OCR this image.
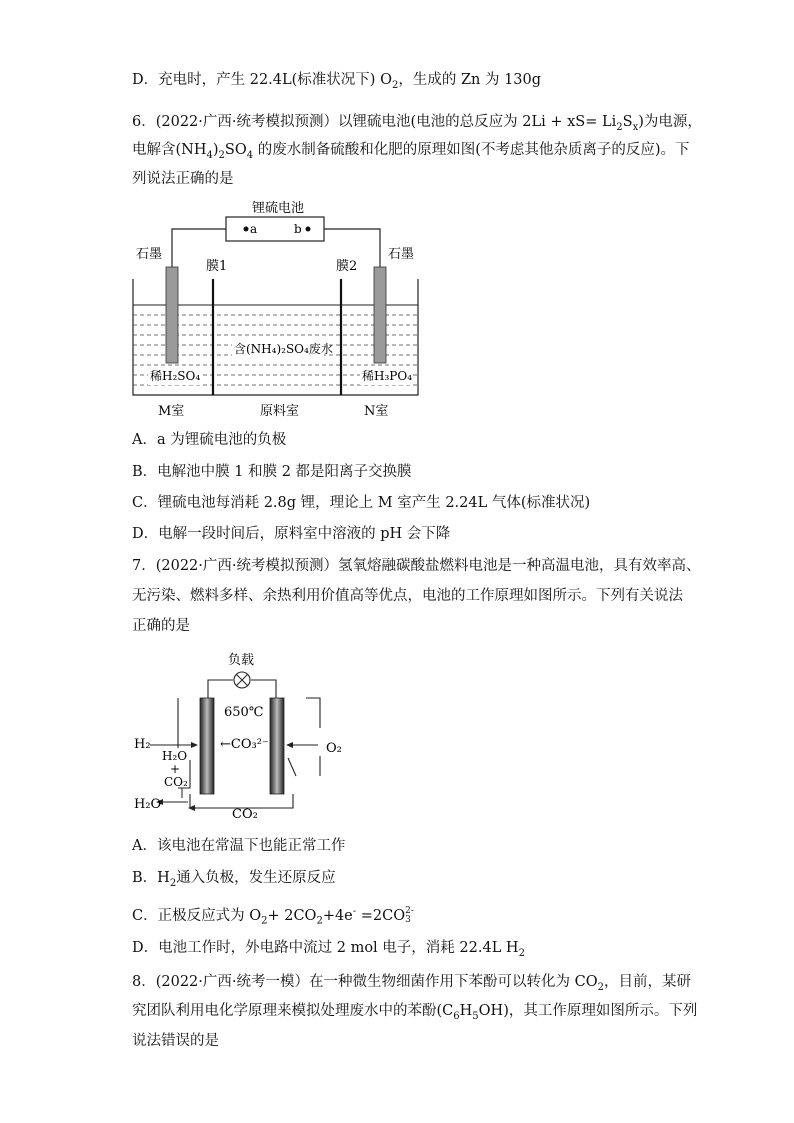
D．充电时，产生 22.4L(标准状况下) $O_2$，生成的 Zn 为 130g
6．(2022·广西·统考模拟预测）以锂硫电池(电池的总反应为 $2Li + xS= Li_2S_x$)为电源，
电解含$(NH_4)_2SO_4$ 的废水制备硫酸和化肥的原理如图(不考虑其他杂质离子的反应)。下
列说法正确的是
锂硫电池
a	b
石墨	石墨
膜1	膜2
含(NH₄)₂SO₄废水
稀H₂SO₄	稀H₃PO₄
M室	原料室	N室
A．a 为锂硫电池的负极
B．电解池中膜 1 和膜 2 都是阳离子交换膜
C．锂硫电池每消耗 2.8g 锂，理论上 M 室产生 2.24L 气体(标准状况)
D．电解一段时间后，原料室中溶液的 pH 会下降
7．(2022·广西·统考模拟预测）氢氧熔融碳酸盐燃料电池是一种高温电池，具有效率高、
无污染、燃料多样、余热利用价值高等优点，电池的工作原理如图所示。下列有关说法
正确的是
负载
650℃
H₂	O₂
←CO₃²⁻
H₂O
+
CO₂
H₂O
CO₂
A．该电池在常温下也能正常工作
B．$H_2$通入负极，发生还原反应
C．正极反应式为 $O_2+ 2CO_2+4e^- =2CO$ 2-
3
D．电池工作时，外电路中流过 2 mol 电子，消耗 22.4L $H_2$
8．(2022·广西·统考一模）在一种微生物细菌作用下苯酚可以转化为 $CO_2$，目前，某研
究团队利用电化学原理来模拟处理废水中的苯酚$(C_6H_5OH)$，其工作原理如图所示。下列
说法错误的是
